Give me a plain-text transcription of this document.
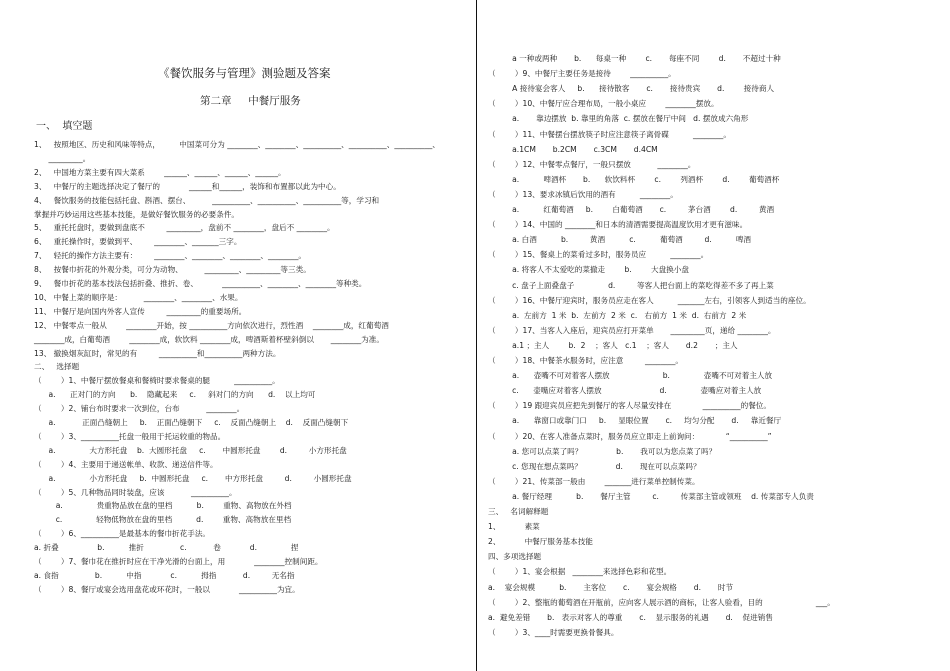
《餐饮服务与管理》测验题及答案
第二章     中餐厅服务
一、  填空题
1、   按照地区、历史和风味等特点，        中国菜可分为 ________、________、__________、__________、__________、
_________。
2、   中国地方菜主要有四大菜系        ______、______、______、______。
3、   中餐厅的主题选择决定了餐厅的            ______和______，装饰和布置都以此为中心。
4、   餐饮服务的技能包括托盘、斟酒、摆台、         __________、__________、__________等，学习和
掌握并巧妙运用这些基本技能，是做好餐饮服务的必要条件。
5、   重托托盘时，要做到盘底不         _________，盘前不 ________，盘后不 ________。
6、   重托操作时，要做到平、       ________、_______三字。
7、   轻托的操作方法主要有：       ________、________、________、________。
8、   按餐巾折花的外观分类，可分为动物、         _________、_________等三类。
9、   餐巾折花的基本技法包括折叠、推折、卷、          __________、________、________等种类。
10、 中餐上菜的顺序是：         ________、________、水果。
11、 中餐厅是向国内外客人宣传         _________的重要场所。
12、 中餐零点一般从        ________开始，按 __________方向依次进行，烈性酒    ________成，红葡萄酒
________成，白葡萄酒        ________成，软饮料 ________成，啤酒斯着杯壁斜倒以       ________为准。
13、 撤换烟灰缸时，常见的有         __________和__________两种方法。
二、   选择题
（        ）1、中餐厅摆放餐桌和餐椅时要求餐桌的腿          __________。
a.      正对门的方向      b.    隐藏起来     c.     斜对门的方向      d.    以上均可
（        ）2、铺台布时要求一次到位，台布           ________。
a.           正面凸缝朝上     b.    正面凸缝朝下     c.    反面凸缝朝上    d.    反面凸缝朝下
（        ）3、__________托盘一般用于托运较重的物品。
a.              大方形托盘    b.  大圆形托盘     c.       中圆形托盘        d.         小方形托盘
（        ）4、主要用于递送帐单、收款、递送信件等。
a.              小方形托盘     b.  中圆形托盘     c.       中方形托盘         d.         小圆形托盘
（        ）5、几种物品同时装盘，应该           __________。
a.              贵重物品放在盘的里档          b.        重物、高物放在外档
c.              轻物低物放在盘的里档          d.        重物、高物放在里档
（        ）6、__________是最基本的餐巾折花手法。
a. 折叠                b.          推折               c.           卷            d.              捏
（        ）7、餐巾花在推折时应在干净光滑的台面上，用            ________控制间距。
a. 食指               b.          中指            c.          拇指           d.         无名指
（        ）8、餐厅或宴会选用盘花或环花时，一般以            __________为宜。
a 一种或两种       b.      每桌一种        c.       每座不同        d.       不超过十种
（        ）9、中餐厅主要任务是接待        __________。
A 接待宴会客人     b.      接待散客       c.       接待贵宾       d.        接待商人
（        ）10、中餐厅应合理布局，一般小桌应        ________摆放。
a.       靠边摆放  b. 靠里的角落  c. 摆放在餐厅中间   d. 摆放成六角形
（        ）11、中餐摆台摆放筷子时应注意筷子离骨碟          ________。
a.1CM       b.2CM       c.3CM       d.4CM
（        ）12、中餐零点餐厅，一般只摆放           ________。
a.          啤酒杯       b.      软饮料杯        c.        列酒杯        d.        葡萄酒杯
（        ）13、要求冰镇后饮用的酒有          ________。
a.          红葡萄酒     b.        白葡萄酒       c.         茅台酒        d.         黄酒
（        ）14、中国的 ________和日本的清酒需要提高温度饮用才更有滋味。
a. 白酒          b.         黄酒          c.          葡萄酒         d.          啤酒
（        ）15、餐桌上的菜肴过多时，服务员应          ________。
a. 将客人不太爱吃的菜撤走        b.        大盘换小盘
c. 盘子上面叠盘子              d.         等客人把台面上的菜吃得差不多了再上菜
（        ）16、中餐厅迎宾时，服务员应走在客人          _______左右，引领客人到适当的座位。
a.  左前方  1 米  b.  左前方  2 米  c.   右前方  1 米  d.  右前方  2 米
（        ）17、当客人入座后，迎宾员应打开菜单       _________页，递给 ________。
a.1 ；主人        b.  2    ；客人   c.1    ；客人       d.2       ；主人
（        ）18、中餐茶水服务时，应注意         ________。
a.      壶嘴不可对着客人摆放                      b.              壶嘴不可对着主人放
c.      壶嘴应对着客人摆放                        d.              壶嘴应对着主人放
（        ）19 跟迎宾员应把先到餐厅的客人尽量安排在             __________的餐位。
a.      靠窗口或靠门口     b.     显眼位置       c.     均匀分配       d.     靠近餐厅
（        ）20、在客人准备点菜时，服务员应立即走上前询问：           “__________”
a. 您可以点菜了吗？              b.       我可以为您点菜了吗？
c. 您现在想点菜吗？              d.       现在可以点菜吗？
（        ）21、传菜部一般由        _______进行菜单控制传菜。
a. 餐厅经理          b.       餐厅主管         c.         传菜部主管或领班    d. 传菜部专人负责
三、   名词解释题
1、          素菜
2、          中餐厅服务基本技能
四、多项选择题
（        ）1、宴会根据   ________来选择色彩和花型。
a.    宴会规模          b.       主客位       c.       宴会规格       d.       时节
（        ）2、整瓶的葡萄酒在开瓶前，应向客人展示酒的商标，让客人验看，目的                      ___。
a.  避免差错       b.   表示对客人的尊重       c.    显示服务的礼遇       d.    促进销售
（        ）3、____时需要更换骨餐具。
